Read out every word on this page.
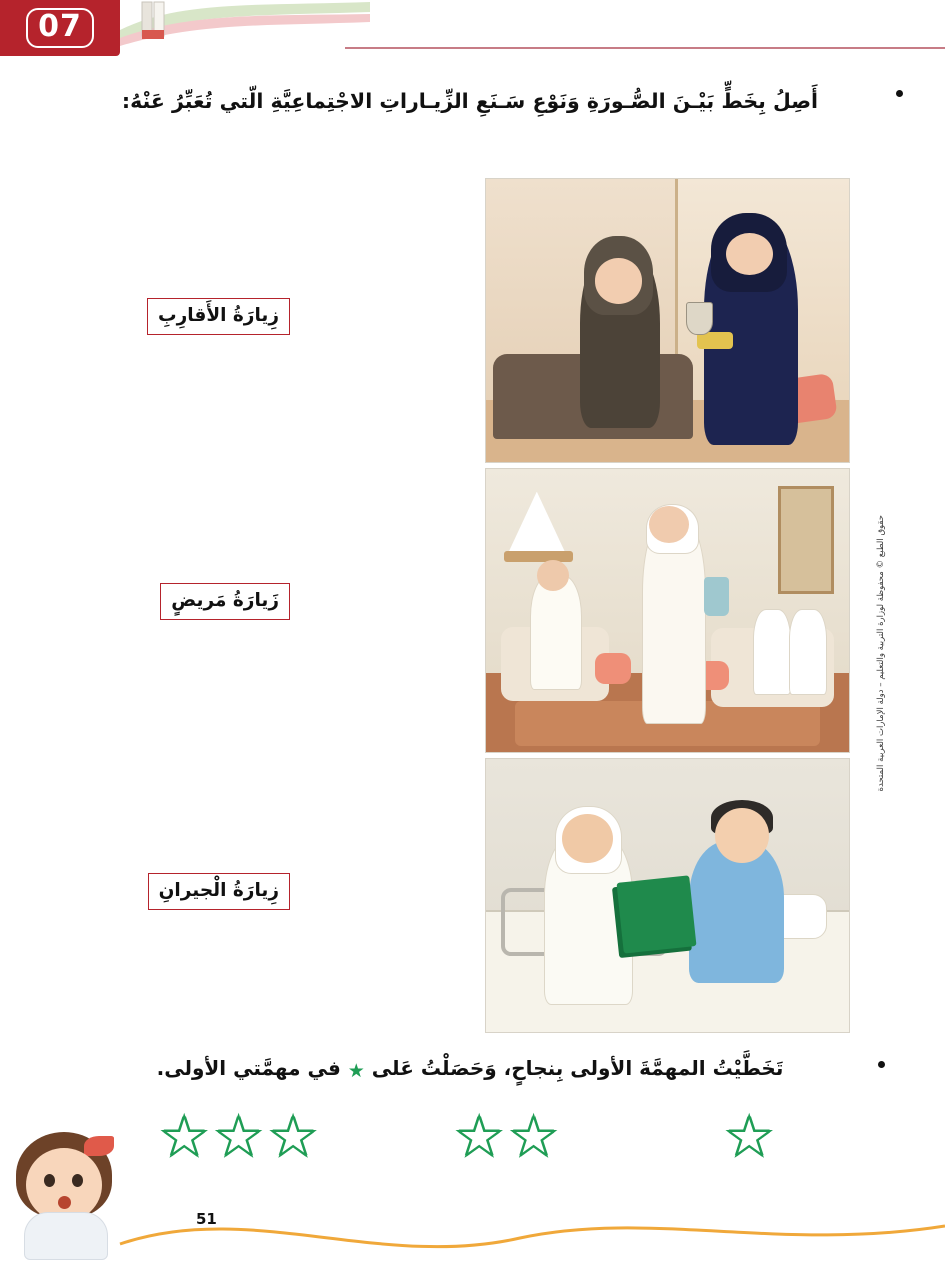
07

أَصِلُ بِخَطٍّ بَيْـنَ الصُّـورَةِ وَنَوْعِ سَـنَعِ الزِّيـاراتِ الاجْتِماعِيَّةِ الّتي تُعَبِّرُ عَنْهُ:

زِيارَةُ الأَقارِبِ
زَيارَةُ مَريضٍ
زِيارَةُ الْجيرانِ
حقوق الطبع © محفوظة لوزارة التربية والتعليم – دولة الإمارات العربية المتحدة

تَخَطَّيْتُ المهمَّةَ الأولى بِنجاحٍ، وَحَصَلْتُ عَلى ★ في مهمَّتي الأولى.

★
★
★	★
★	★
51
